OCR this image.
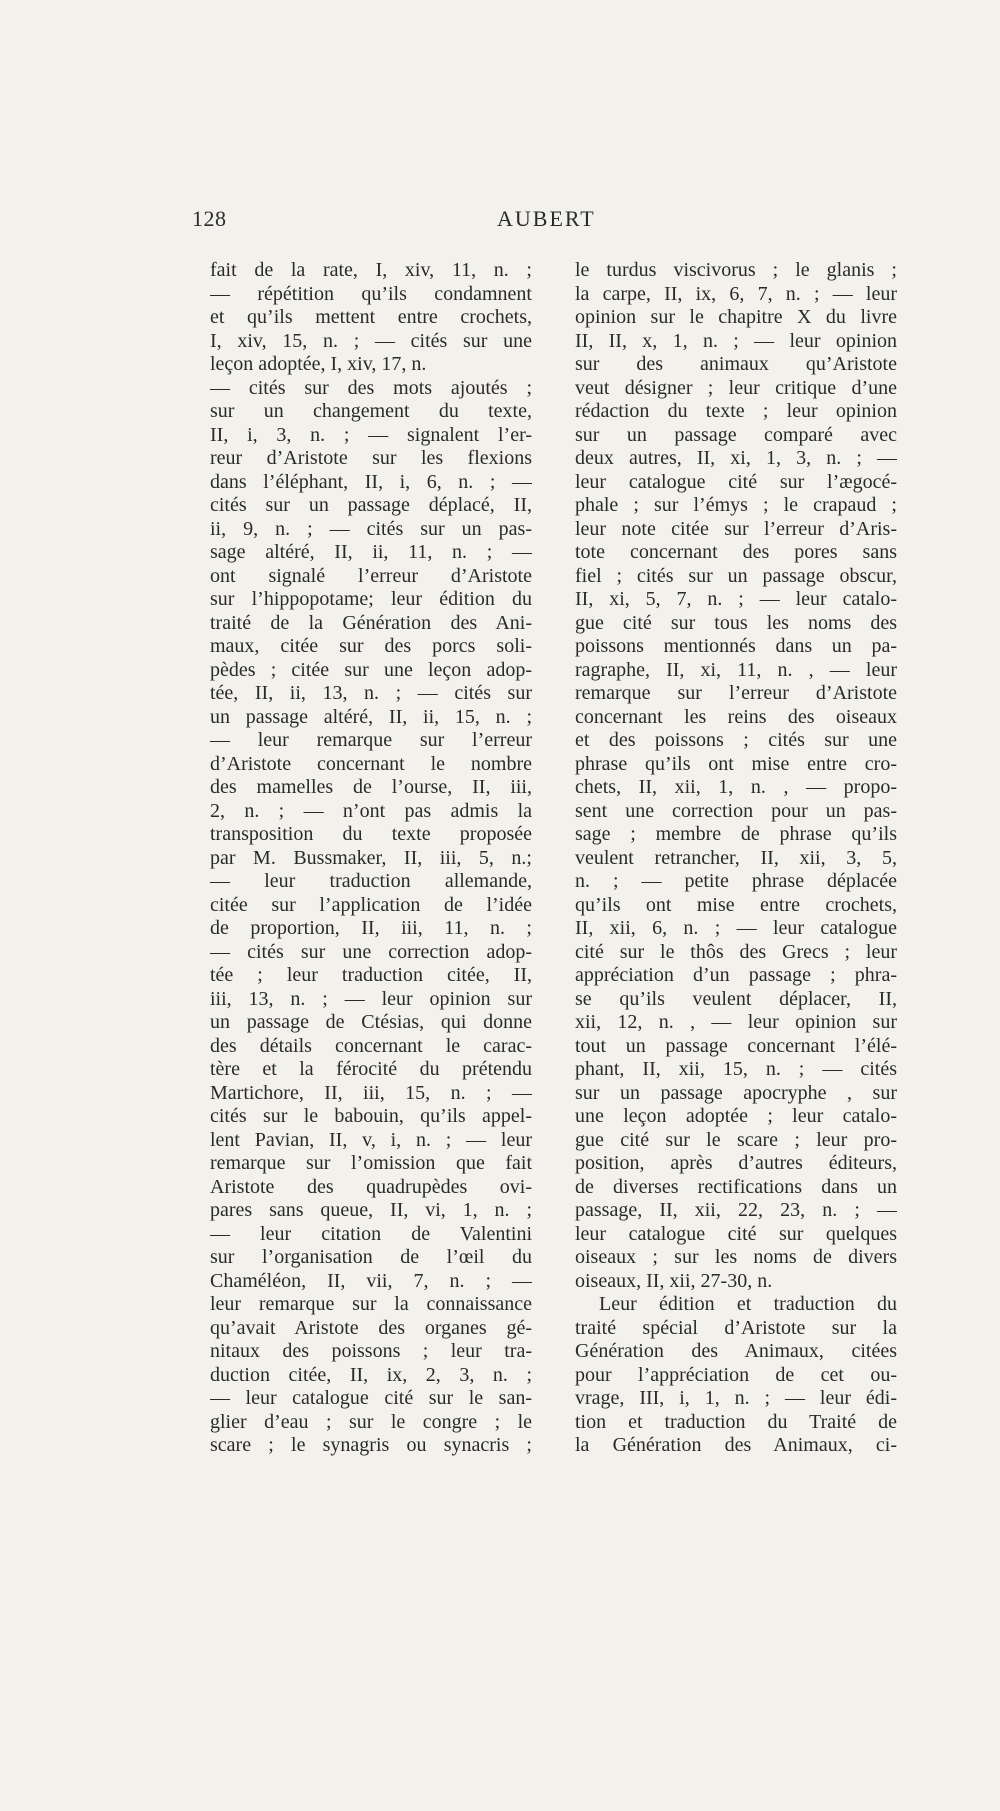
128	AUBERT
fait de la rate, I, xiv, 11, n. ;
— répétition qu’ils condamnent
et qu’ils mettent entre crochets,
I, xiv, 15, n. ; — cités sur une
leçon adoptée, I, xiv, 17, n.
— cités sur des mots ajoutés ;
sur un changement du texte,
II, i, 3, n. ; — signalent l’er-
reur d’Aristote sur les flexions
dans l’éléphant, II, i, 6, n. ; —
cités sur un passage déplacé, II,
ii, 9, n. ; — cités sur un pas-
sage altéré, II, ii, 11, n. ; —
ont signalé l’erreur d’Aristote
sur l’hippopotame; leur édition du
traité de la Génération des Ani-
maux, citée sur des porcs soli-
pèdes ; citée sur une leçon adop-
tée, II, ii, 13, n. ; — cités sur
un passage altéré, II, ii, 15, n. ;
— leur remarque sur l’erreur
d’Aristote concernant le nombre
des mamelles de l’ourse, II, iii,
2, n. ; — n’ont pas admis la
transposition du texte proposée
par M. Bussmaker, II, iii, 5, n.;
— leur traduction allemande,
citée sur l’application de l’idée
de proportion, II, iii, 11, n. ;
— cités sur une correction adop-
tée ; leur traduction citée, II,
iii, 13, n. ; — leur opinion sur
un passage de Ctésias, qui donne
des détails concernant le carac-
tère et la férocité du prétendu
Martichore, II, iii, 15, n. ; —
cités sur le babouin, qu’ils appel-
lent Pavian, II, v, i, n. ; — leur
remarque sur l’omission que fait
Aristote des quadrupèdes ovi-
pares sans queue, II, vi, 1, n. ;
— leur citation de Valentini
sur l’organisation de l’œil du
Chaméléon, II, vii, 7, n. ; —
leur remarque sur la connaissance
qu’avait Aristote des organes gé-
nitaux des poissons ; leur tra-
duction citée, II, ix, 2, 3, n. ;
— leur catalogue cité sur le san-
glier d’eau ; sur le congre ; le
scare ; le synagris ou synacris ;
le turdus viscivorus ; le glanis ;
la carpe, II, ix, 6, 7, n. ; — leur
opinion sur le chapitre X du livre
II, II, x, 1, n. ; — leur opinion
sur des animaux qu’Aristote
veut désigner ; leur critique d’une
rédaction du texte ; leur opinion
sur un passage comparé avec
deux autres, II, xi, 1, 3, n. ; —
leur catalogue cité sur l’ægocé-
phale ; sur l’émys ; le crapaud ;
leur note citée sur l’erreur d’Aris-
tote concernant des pores sans
fiel ; cités sur un passage obscur,
II, xi, 5, 7, n. ; — leur catalo-
gue cité sur tous les noms des
poissons mentionnés dans un pa-
ragraphe, II, xi, 11, n. , — leur
remarque sur l’erreur d’Aristote
concernant les reins des oiseaux
et des poissons ; cités sur une
phrase qu’ils ont mise entre cro-
chets, II, xii, 1, n. , — propo-
sent une correction pour un pas-
sage ; membre de phrase qu’ils
veulent retrancher, II, xii, 3, 5,
n. ; — petite phrase déplacée
qu’ils ont mise entre crochets,
II, xii, 6, n. ; — leur catalogue
cité sur le thôs des Grecs ; leur
appréciation d’un passage ; phra-
se qu’ils veulent déplacer, II,
xii, 12, n. , — leur opinion sur
tout un passage concernant l’élé-
phant, II, xii, 15, n. ; — cités
sur un passage apocryphe , sur
une leçon adoptée ; leur catalo-
gue cité sur le scare ; leur pro-
position, après d’autres éditeurs,
de diverses rectifications dans un
passage, II, xii, 22, 23, n. ; —
leur catalogue cité sur quelques
oiseaux ; sur les noms de divers
oiseaux, II, xii, 27-30, n.
Leur édition et traduction du
traité spécial d’Aristote sur la
Génération des Animaux, citées
pour l’appréciation de cet ou-
vrage, III, i, 1, n. ; — leur édi-
tion et traduction du Traité de
la Génération des Animaux, ci-
